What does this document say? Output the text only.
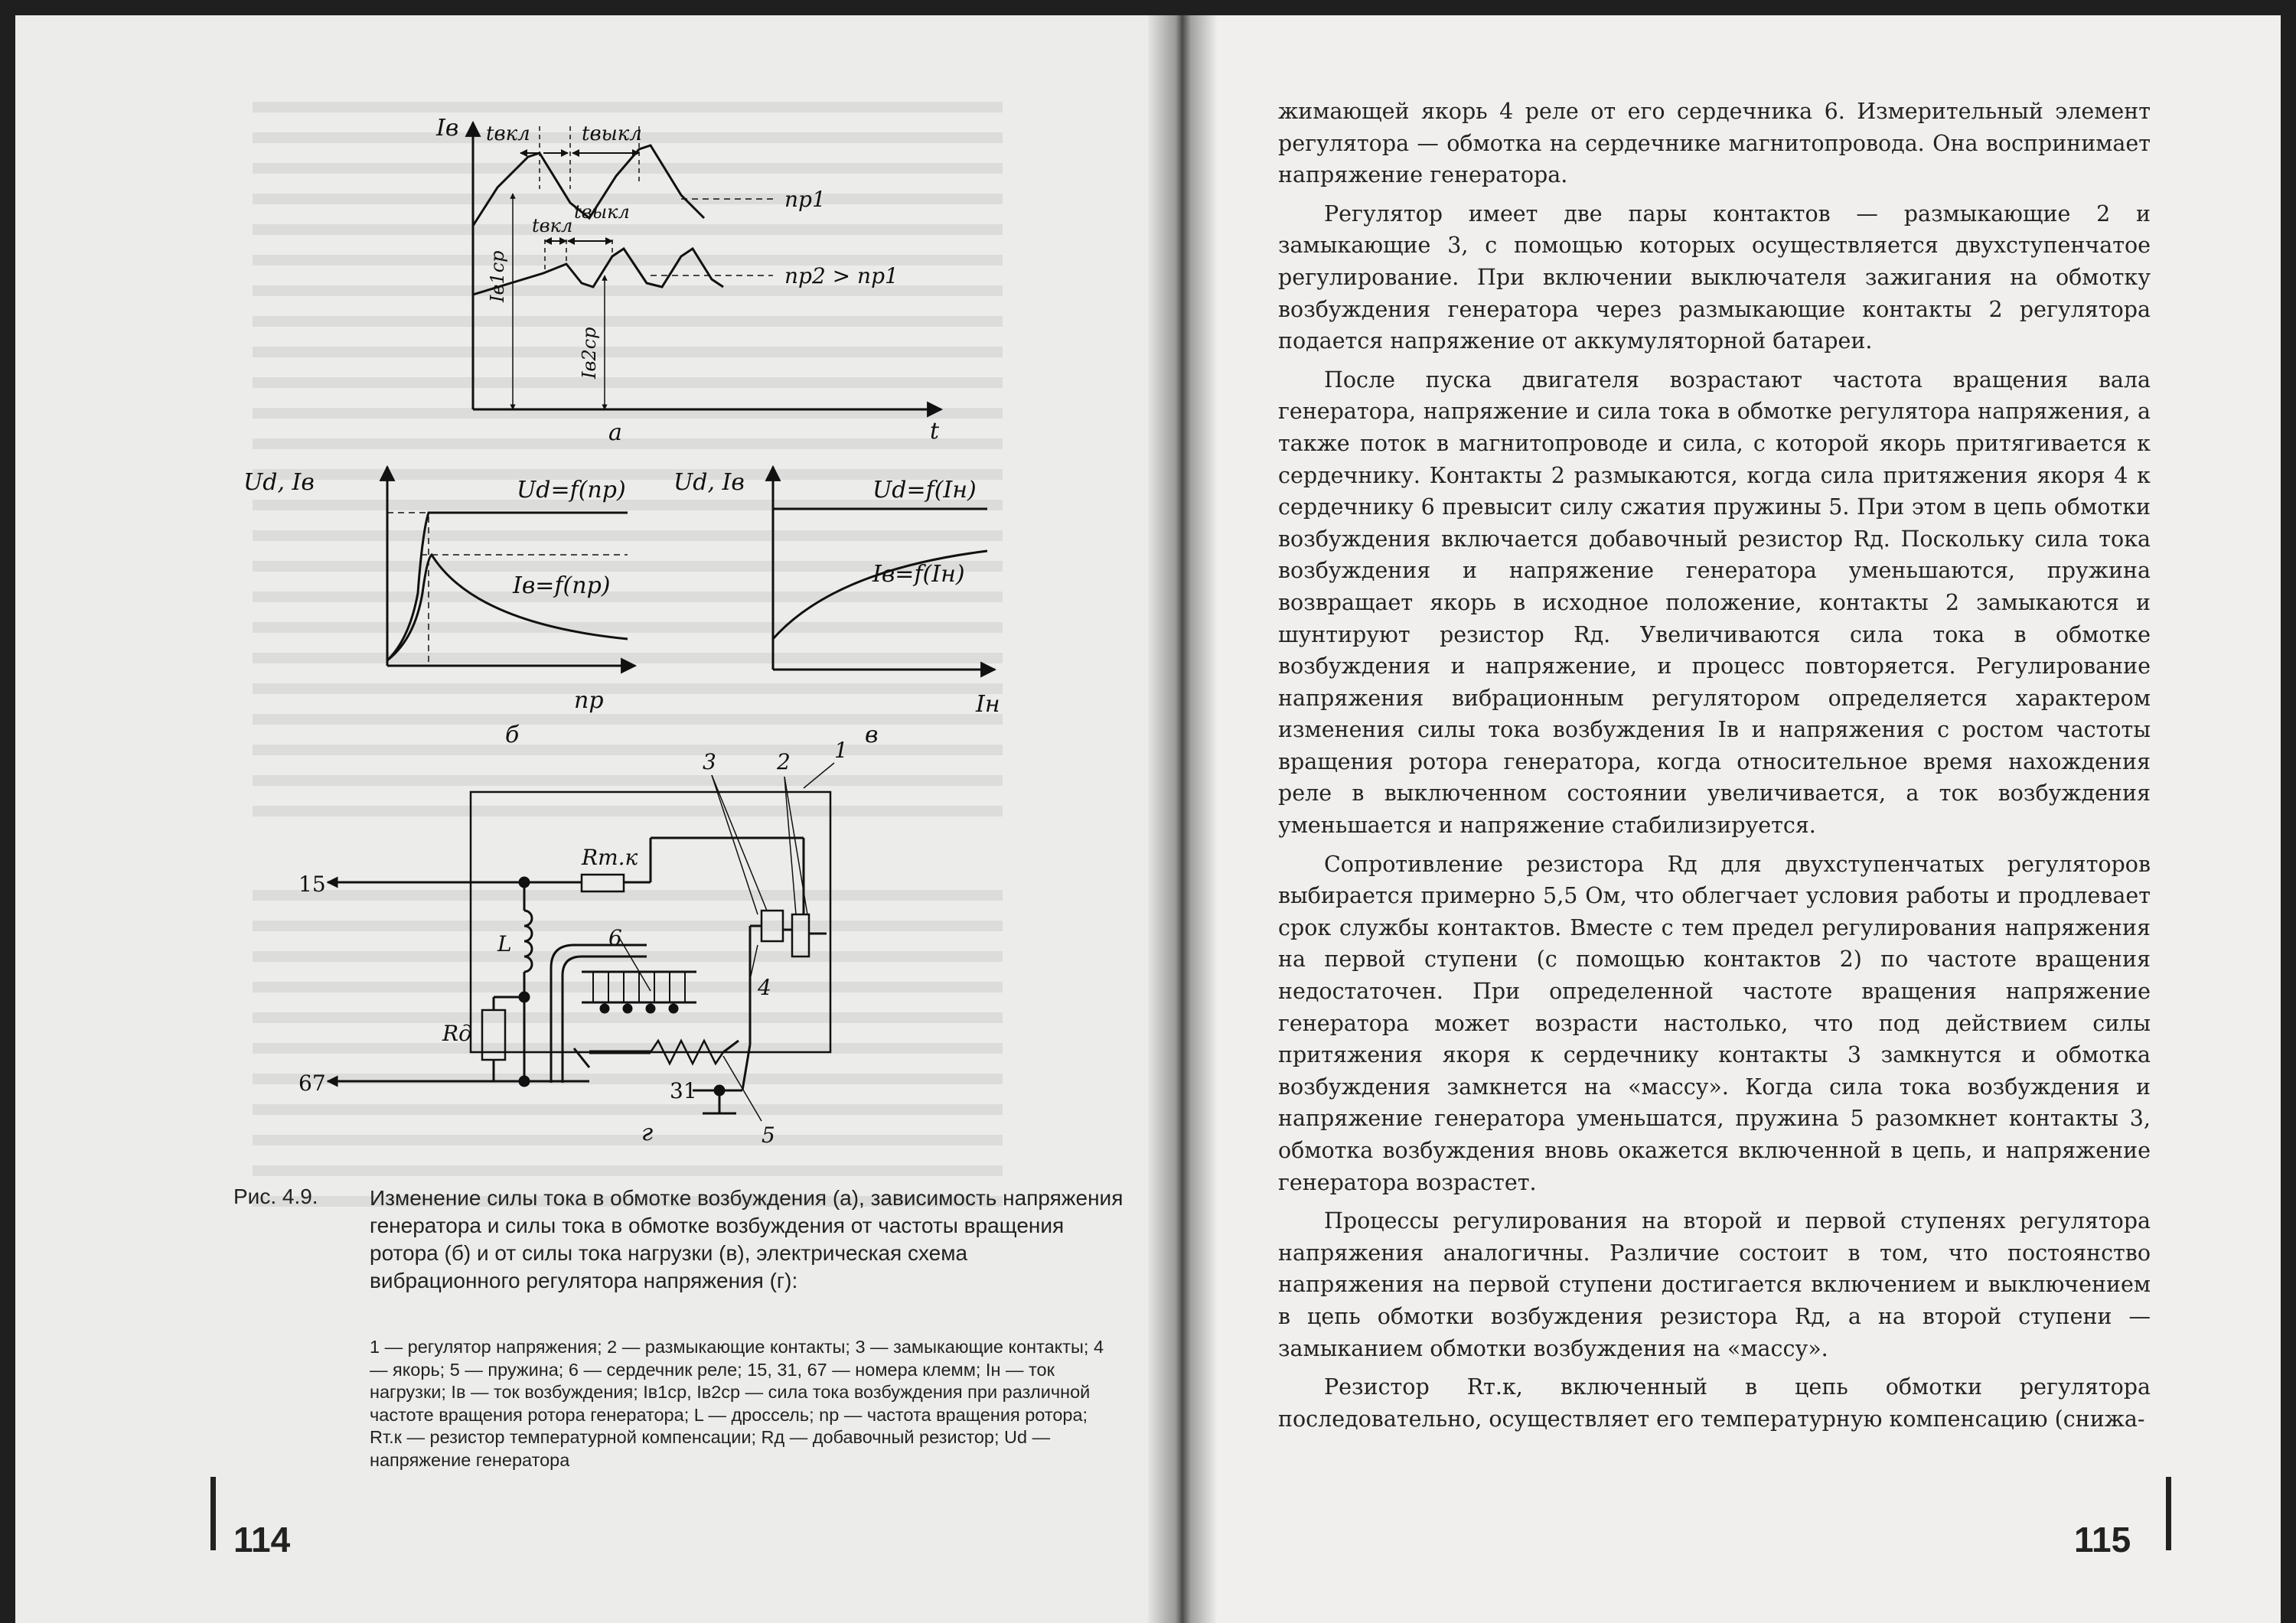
Iв
t
tвкл	tвыкл
np1
tвкл
tвыкл
np2 > np1
Iв1ср
Iв2ср
а
Ud, Iв
np
Ud=f(np)
Iв=f(np)
б
Ud, Iв
Iн
Ud=f(Iн)
Iв=f(Iн)
в
15
67	31
Rт.к
Rд
L
1
2
3
4
5
6
г
Рис. 4.9. Изменение силы тока в обмотке возбуждения (а), зависимость напряжения генератора и силы тока в обмотке возбуждения от частоты вращения ротора (б) и от силы тока нагрузки (в), электрическая схема вибрационного регулятора напряжения (г):
1 — регулятор напряжения; 2 — размыкающие контакты; 3 — замыкающие контакты; 4 — якорь; 5 — пружина; 6 — сердечник реле; 15, 31, 67 — номера клемм; Iн — ток нагрузки; Iв — ток возбуждения; Iв1ср, Iв2ср — сила тока возбуждения при различной частоте вращения ротора генератора; L — дроссель; np — частота вращения ротора; Rт.к — резистор температурной компенсации; Rд — добавочный резистор; Ud — напряжение генератора
114

жимающей якорь 4 реле от его сердечника 6. Измерительный элемент регулятора — обмотка на сердечнике магнитопровода. Она воспринимает напряжение генератора.

Регулятор имеет две пары контактов — размыкающие 2 и замыкающие 3, с помощью которых осуществляется двухступенчатое регулирование. При включении выключателя зажигания на обмотку возбуждения генератора через размыкающие контакты 2 регулятора подается напряжение от аккумуляторной батареи.

После пуска двигателя возрастают частота вращения вала генератора, напряжение и сила тока в обмотке регулятора напряжения, а также поток в магнитопроводе и сила, с которой якорь притягивается к сердечнику. Контакты 2 размыкаются, когда сила притяжения якоря 4 к сердечнику 6 превысит силу сжатия пружины 5. При этом в цепь обмотки возбуждения включается добавочный резистор Rд. Поскольку сила тока возбуждения и напряжение генератора уменьшаются, пружина возвращает якорь в исходное положение, контакты 2 замыкаются и шунтируют резистор Rд. Увеличиваются сила тока в обмотке возбуждения и напряжение, и процесс повторяется. Регулирование напряжения вибрационным регулятором определяется характером изменения силы тока возбуждения Iв и напряжения с ростом частоты вращения ротора генератора, когда относительное время нахождения реле в выключенном состоянии увеличивается, а ток возбуждения уменьшается и напряжение стабилизируется.

Сопротивление резистора Rд для двухступенчатых регуляторов выбирается примерно 5,5 Ом, что облегчает условия работы и продлевает срок службы контактов. Вместе с тем предел регулирования напряжения на первой ступени (с помощью контактов 2) по частоте вращения недостаточен. При определенной частоте вращения напряжение генератора может возрасти настолько, что под действием силы притяжения якоря к сердечнику контакты 3 замкнутся и обмотка возбуждения замкнется на «массу». Когда сила тока возбуждения и напряжение генератора уменьшатся, пружина 5 разомкнет контакты 3, обмотка возбуждения вновь окажется включенной в цепь, и напряжение генератора возрастет.

Процессы регулирования на второй и первой ступенях регулятора напряжения аналогичны. Различие состоит в том, что постоянство напряжения на первой ступени достигается включением и выключением в цепь обмотки возбуждения резистора Rд, а на второй ступени — замыканием обмотки возбуждения на «массу».

Резистор Rт.к, включенный в цепь обмотки регулятора последовательно, осуществляет его температурную компенсацию (снижа-

115
